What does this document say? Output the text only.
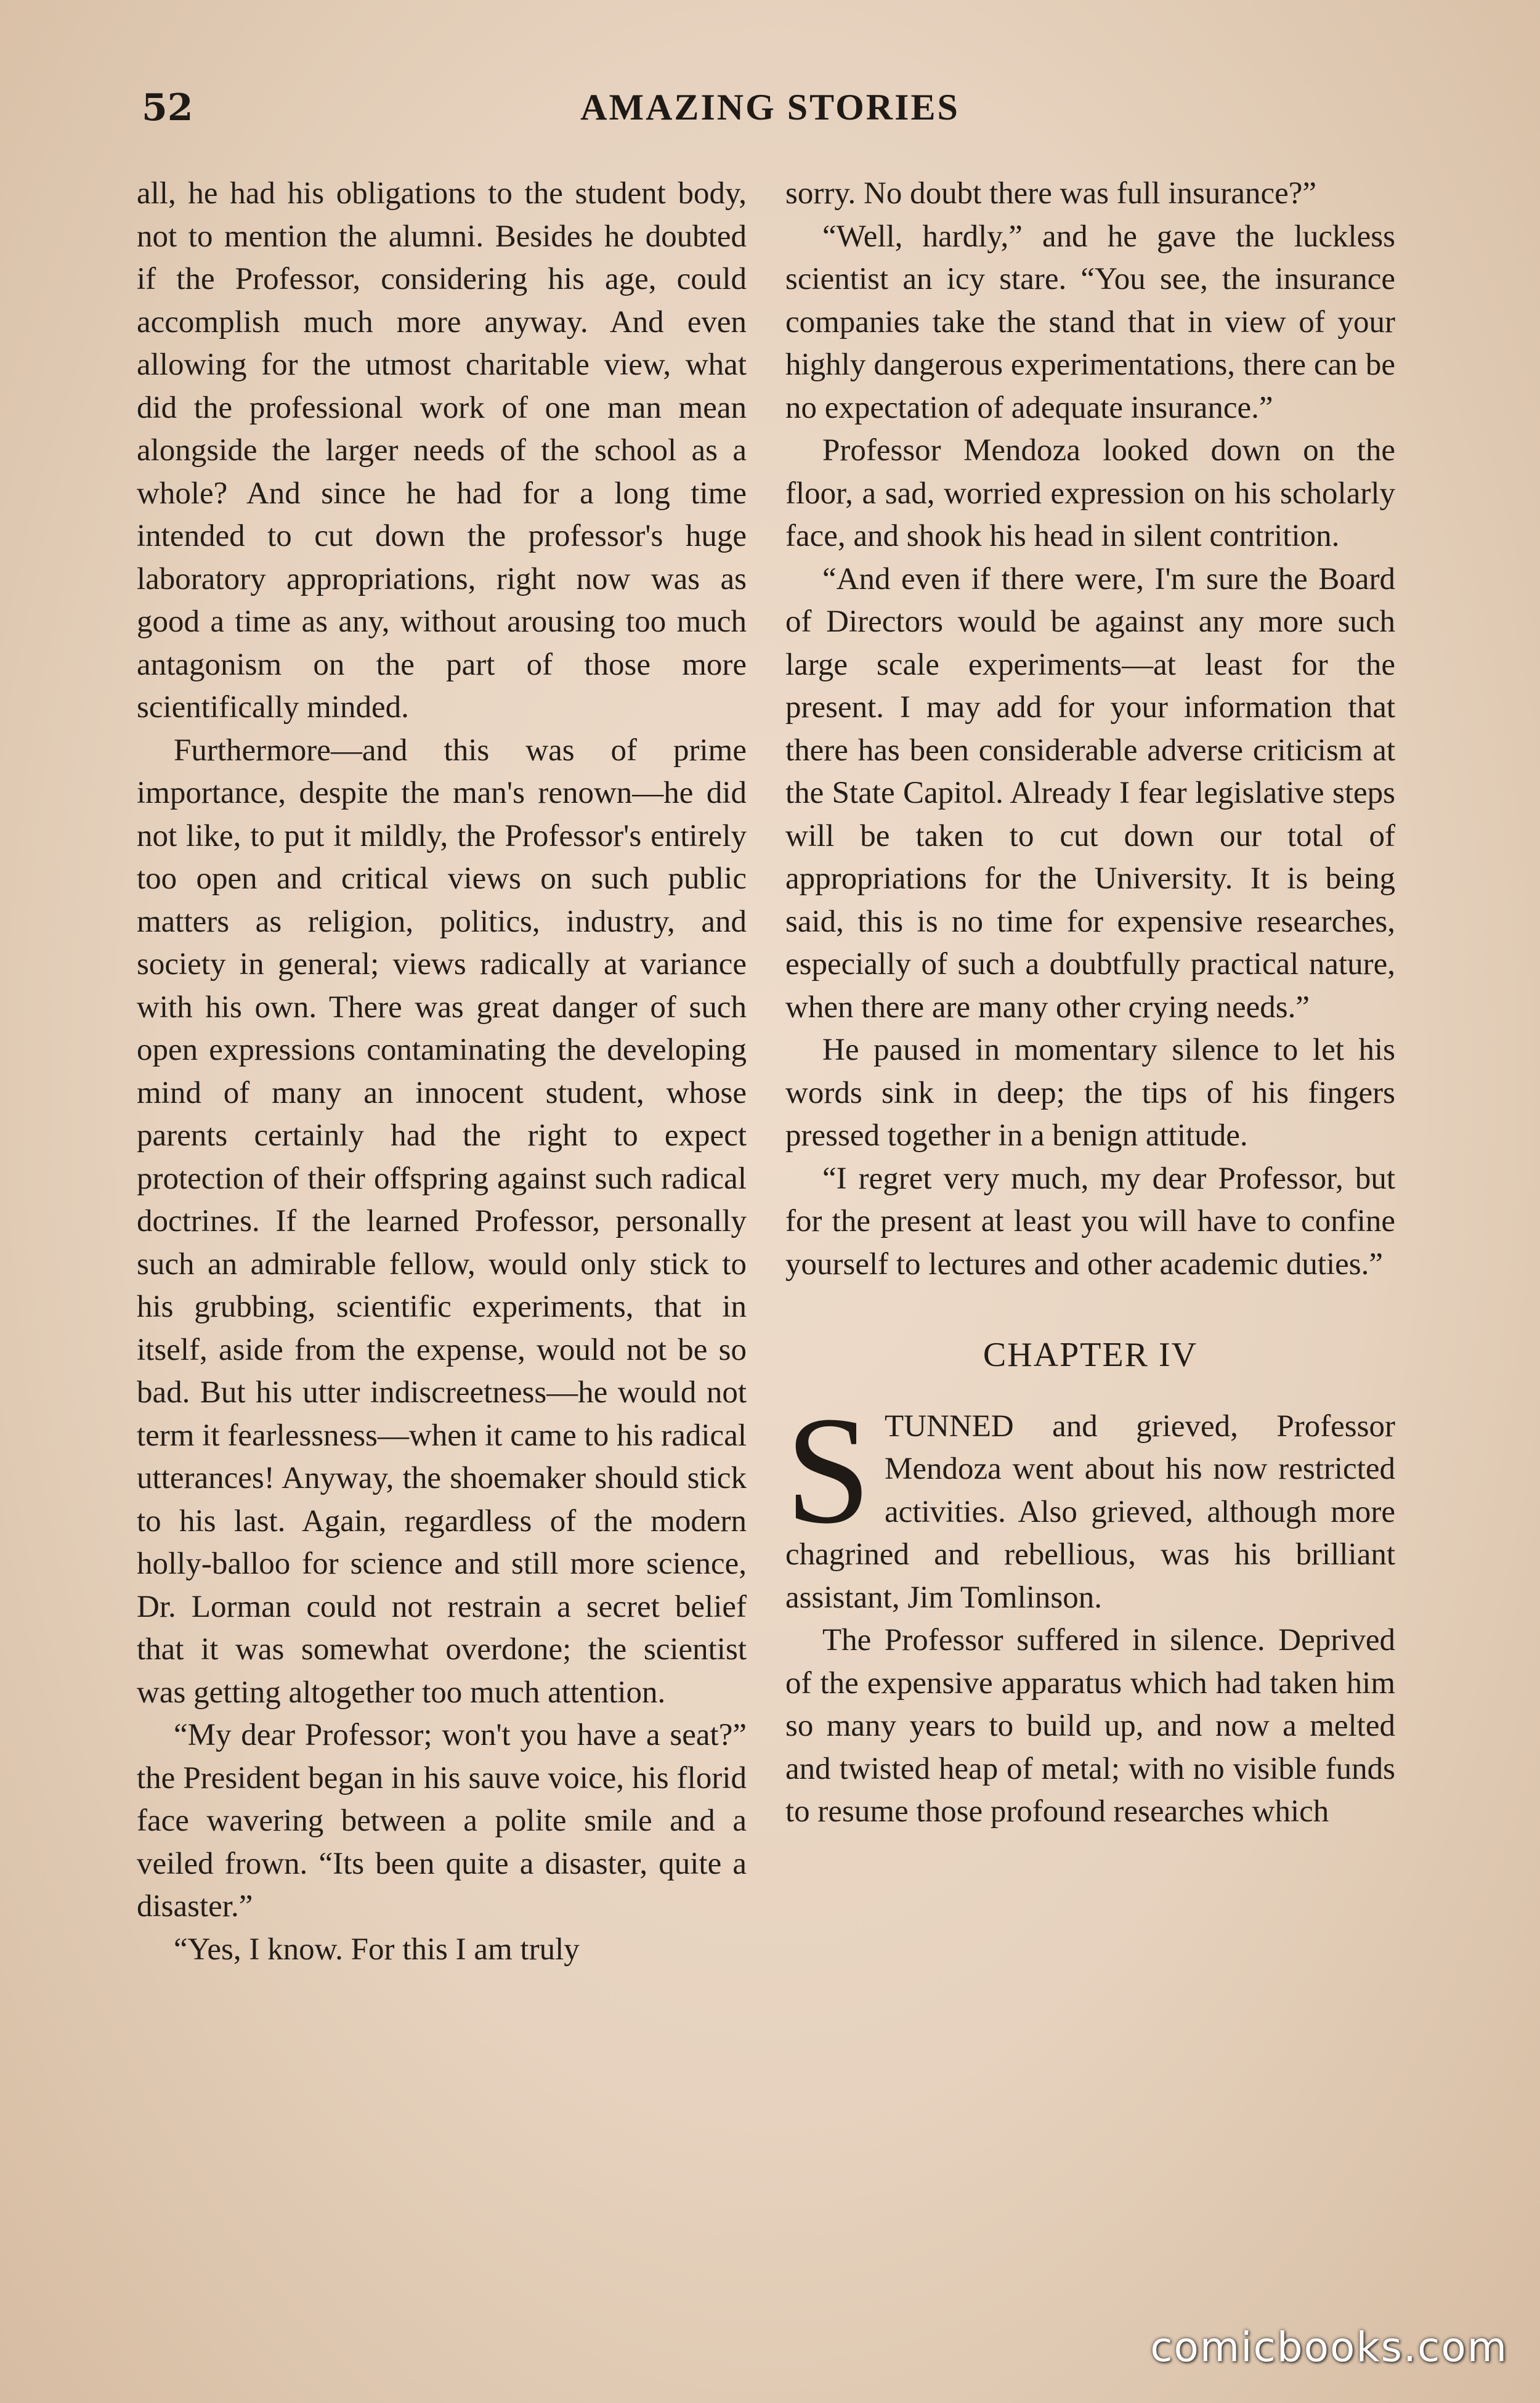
52	AMAZING STORIES

all, he had his obligations to the student body, not to mention the alumni. Besides he doubted if the Professor, considering his age, could accomplish much more anyway. And even allowing for the utmost charitable view, what did the professional work of one man mean alongside the larger needs of the school as a whole? And since he had for a long time intended to cut down the professor's huge laboratory appropriations, right now was as good a time as any, without arousing too much antagonism on the part of those more scientifically minded.

Furthermore—and this was of prime importance, despite the man's renown—he did not like, to put it mildly, the Professor's entirely too open and critical views on such public matters as religion, politics, industry, and society in general; views radically at variance with his own. There was great danger of such open expressions contaminating the developing mind of many an innocent student, whose parents certainly had the right to expect protection of their offspring against such radical doctrines. If the learned Professor, personally such an admirable fellow, would only stick to his grubbing, scientific experiments, that in itself, aside from the expense, would not be so bad. But his utter indiscreetness—he would not term it fearlessness—when it came to his radical utterances! Anyway, the shoemaker should stick to his last. Again, regardless of the modern holly-balloo for science and still more science, Dr. Lorman could not restrain a secret belief that it was somewhat overdone; the scientist was getting altogether too much attention.

“My dear Professor; won't you have a seat?” the President began in his sauve voice, his florid face wavering between a polite smile and a veiled frown. “Its been quite a disaster, quite a disaster.”

“Yes, I know. For this I am truly

sorry. No doubt there was full insurance?”

“Well, hardly,” and he gave the luckless scientist an icy stare. “You see, the insurance companies take the stand that in view of your highly dangerous experimentations, there can be no expectation of adequate insurance.”

Professor Mendoza looked down on the floor, a sad, worried expression on his scholarly face, and shook his head in silent contrition.

“And even if there were, I'm sure the Board of Directors would be against any more such large scale experiments—at least for the present. I may add for your information that there has been considerable adverse criticism at the State Capitol. Already I fear legislative steps will be taken to cut down our total of appropriations for the University. It is being said, this is no time for expensive researches, especially of such a doubtfully practical nature, when there are many other crying needs.”

He paused in momentary silence to let his words sink in deep; the tips of his fingers pressed together in a benign attitude.

“I regret very much, my dear Professor, but for the present at least you will have to confine yourself to lectures and other academic duties.”

CHAPTER IV

STUNNED and grieved, Professor Mendoza went about his now restricted activities. Also grieved, although more chagrined and rebellious, was his brilliant assistant, Jim Tomlinson.

The Professor suffered in silence. Deprived of the expensive apparatus which had taken him so many years to build up, and now a melted and twisted heap of metal; with no visible funds to resume those profound researches which

comicbooks.com
